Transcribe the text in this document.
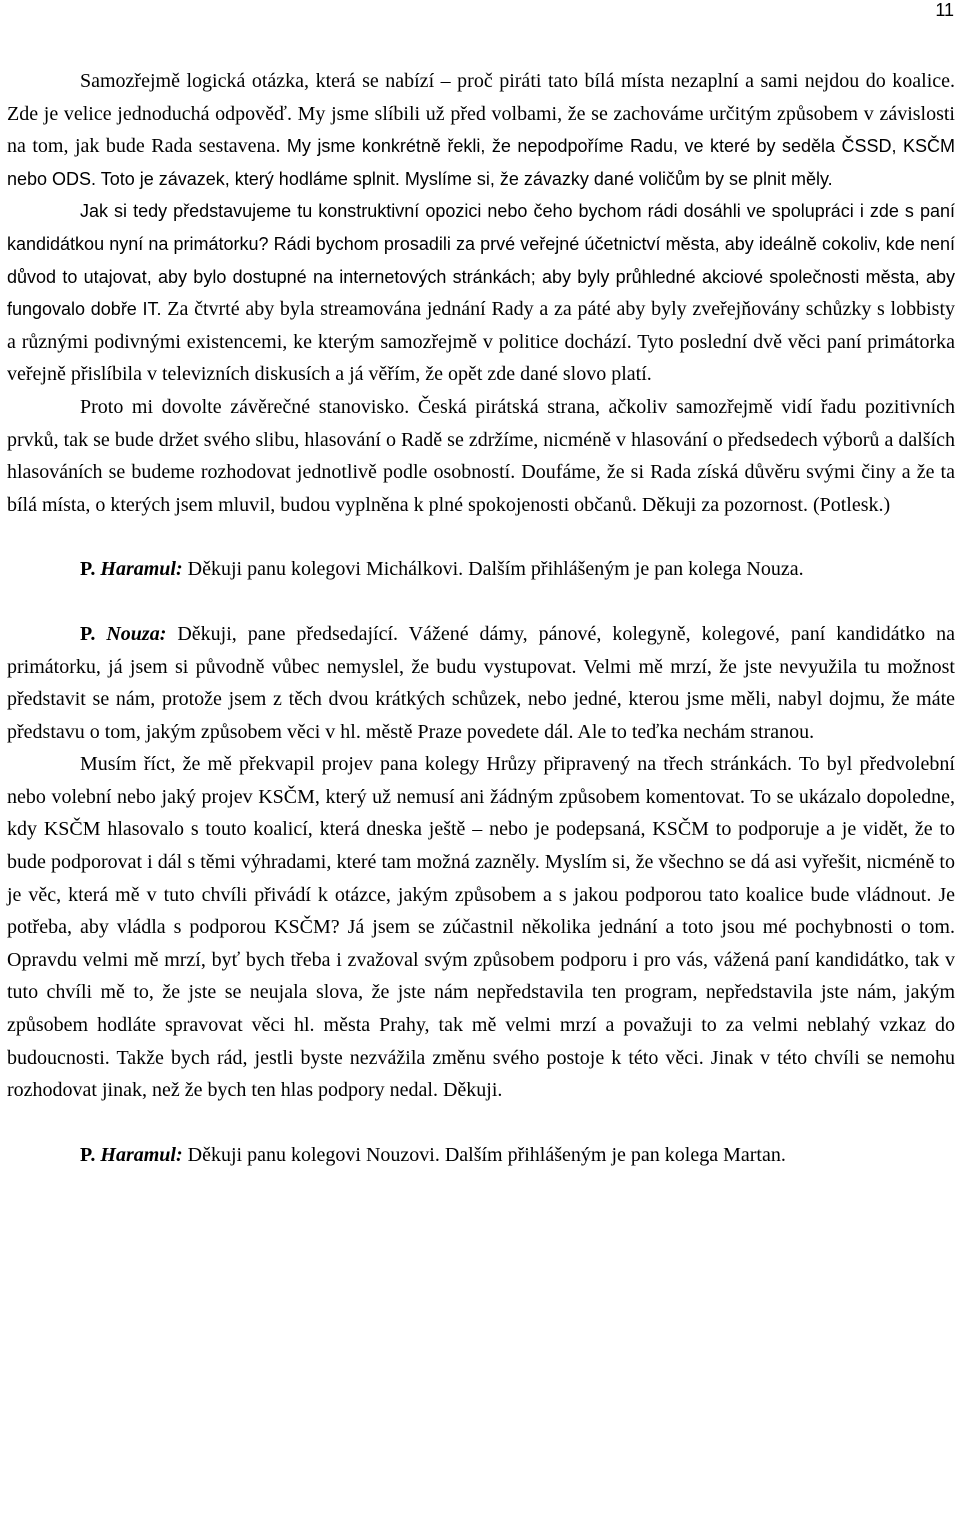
11

Samozřejmě logická otázka, která se nabízí – proč piráti tato bílá místa nezaplní a sami nejdou do koalice. Zde je velice jednoduchá odpověď. My jsme slíbili už před volbami, že se zachováme určitým způsobem v závislosti na tom, jak bude Rada sestavena. My jsme konkrétně řekli, že nepodpoříme Radu, ve které by seděla ČSSD, KSČM nebo ODS. Toto je závazek, který hodláme splnit. Myslíme si, že závazky dané voličům by se plnit měly.

Jak si tedy představujeme tu konstruktivní opozici nebo čeho bychom rádi dosáhli ve spolupráci i zde s paní kandidátkou nyní na primátorku? Rádi bychom prosadili za prvé veřejné účetnictví města, aby ideálně cokoliv, kde není důvod to utajovat, aby bylo dostupné na internetových stránkách; aby byly průhledné akciové společnosti města, aby fungovalo dobře IT. Za čtvrté aby byla streamována jednání Rady a za páté aby byly zveřejňovány schůzky s lobbisty a různými podivnými existencemi, ke kterým samozřejmě v politice dochází. Tyto poslední dvě věci paní primátorka veřejně přislíbila v televizních diskusích a já věřím, že opět zde dané slovo platí.

Proto mi dovolte závěrečné stanovisko. Česká pirátská strana, ačkoliv samozřejmě vidí řadu pozitivních prvků, tak se bude držet svého slibu, hlasování o Radě se zdržíme, nicméně v hlasování o předsedech výborů a dalších hlasováních se budeme rozhodovat jednotlivě podle osobností. Doufáme, že si Rada získá důvěru svými činy a že ta bílá místa, o kterých jsem mluvil, budou vyplněna k plné spokojenosti občanů. Děkuji za pozornost. (Potlesk.)

P. Haramul: Děkuji panu kolegovi Michálkovi. Dalším přihlášeným je pan kolega Nouza.

P. Nouza: Děkuji, pane předsedající. Vážené dámy, pánové, kolegyně, kolegové, paní kandidátko na primátorku, já jsem si původně vůbec nemyslel, že budu vystupovat. Velmi mě mrzí, že jste nevyužila tu možnost představit se nám, protože jsem z těch dvou krátkých schůzek, nebo jedné, kterou jsme měli, nabyl dojmu, že máte představu o tom, jakým způsobem věci v hl. městě Praze povedete dál. Ale to teďka nechám stranou.

Musím říct, že mě překvapil projev pana kolegy Hrůzy připravený na třech stránkách. To byl předvolební nebo volební nebo jaký projev KSČM, který už nemusí ani žádným způsobem komentovat. To se ukázalo dopoledne, kdy KSČM hlasovalo s touto koalicí, která dneska ještě – nebo je podepsaná, KSČM to podporuje a je vidět, že to bude podporovat i dál s těmi výhradami, které tam možná zazněly. Myslím si, že všechno se dá asi vyřešit, nicméně to je věc, která mě v tuto chvíli přivádí k otázce, jakým způsobem a s jakou podporou tato koalice bude vládnout. Je potřeba, aby vládla s podporou KSČM? Já jsem se zúčastnil několika jednání a toto jsou mé pochybnosti o tom. Opravdu velmi mě mrzí, byť bych třeba i zvažoval svým způsobem podporu i pro vás, vážená paní kandidátko, tak v tuto chvíli mě to, že jste se neujala slova, že jste nám nepředstavila ten program, nepředstavila jste nám, jakým způsobem hodláte spravovat věci hl. města Prahy, tak mě velmi mrzí a považuji to za velmi neblahý vzkaz do budoucnosti. Takže bych rád, jestli byste nezvážila změnu svého postoje k této věci. Jinak v této chvíli se nemohu rozhodovat jinak, než že bych ten hlas podpory nedal. Děkuji.

P. Haramul: Děkuji panu kolegovi Nouzovi. Dalším přihlášeným je pan kolega Martan.
